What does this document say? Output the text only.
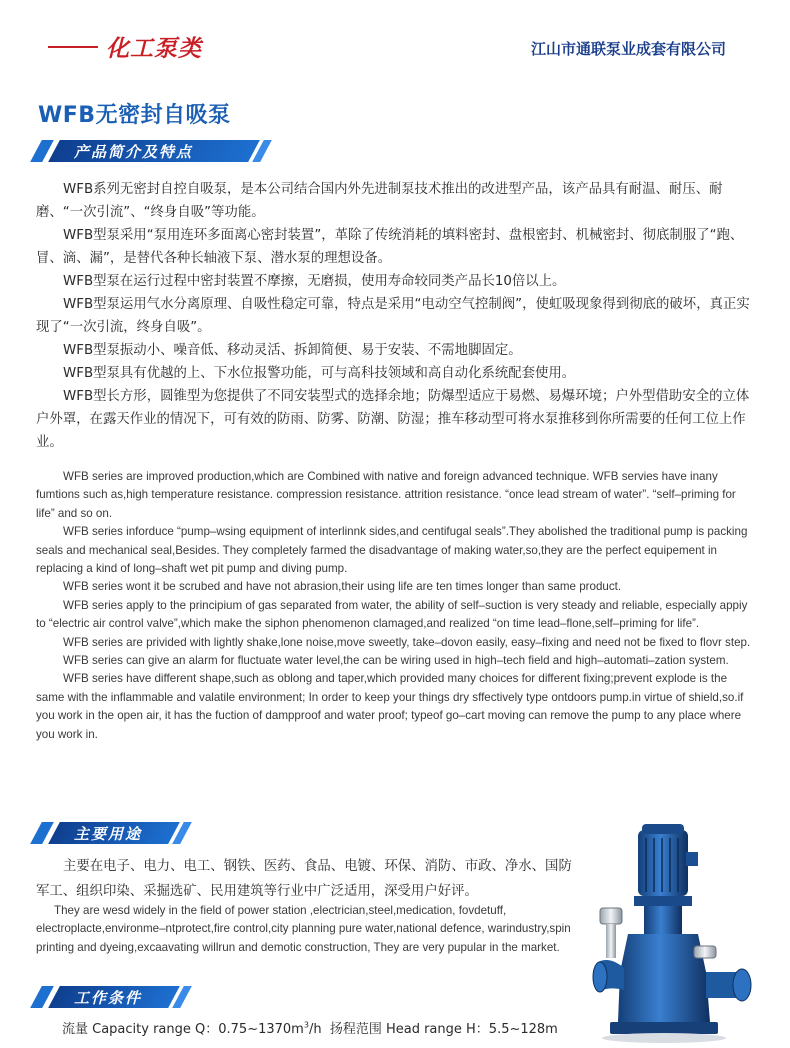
化工泵类	江山市通联泵业成套有限公司
WFB无密封自吸泵
产品简介及特点

WFB系列无密封自控自吸泵，是本公司结合国内外先进制泵技术推出的改进型产品，该产品具有耐温、耐压、耐磨、“一次引流”、“终身自吸”等功能。

WFB型泵采用“泵用连环多面离心密封装置”，革除了传统消耗的填料密封、盘根密封、机械密封、彻底制服了“跑、冒、滴、漏”，是替代各种长轴液下泵、潜水泵的理想设备。

WFB型泵在运行过程中密封装置不摩擦，无磨损，使用寿命较同类产品长10倍以上。

WFB型泵运用气水分离原理、自吸性稳定可靠，特点是采用“电动空气控制阀”，使虹吸现象得到彻底的破坏，真正实现了“一次引流，终身自吸”。

WFB型泵振动小、噪音低、移动灵活、拆卸简便、易于安装、不需地脚固定。

WFB型泵具有优越的上、下水位报警功能，可与高科技领域和高自动化系统配套使用。

WFB型长方形，圆锥型为您提供了不同安装型式的选择余地；防爆型适应于易燃、易爆环境；户外型借助安全的立体户外罩，在露天作业的情况下，可有效的防雨、防雾、防潮、防湿；推车移动型可将水泵推移到你所需要的任何工位上作业。

WFB series are improved production,which are Combined with native and foreign advanced technique. WFB servies have inany fumtions such as,high temperature resistance. compression resistance. attrition resistance. “once lead stream of water”. “self–priming for life” and so on.

WFB series inforduce “pump–wsing equipment of interlinnk sides,and centifugal seals”.They abolished the traditional pump is packing seals and mechanical seal,Besides. They completely farmed the disadvantage of making water,so,they are the perfect equipement in replacing a kind of long–shaft wet pit pump and diving pump.

WFB series wont it be scrubed and have not abrasion,their using life are ten times longer than same product.

WFB series apply to the principium of gas separated from water, the ability of self–suction is very steady and reliable, especially appiy to “electric air control valve”,which make the siphon phenomenon clamaged,and realized “on time lead–flone,self–priming for life”.

WFB series are privided with lightly shake,lone noise,move sweetly, take–dovon easily, easy–fixing and need not be fixed to flovr step.

WFB series can give an alarm for fluctuate water level,the can be wiring used in high–tech field and high–automati–zation system.

WFB series have different shape,such as oblong and taper,which provided many choices for different fixing;prevent explode is the same with the inflammable and valatile environment; In order to keep your things dry sffectively type ontdoors pump.in virtue of shield,so.if you work in the open air, it has the fuction of dampproof and water proof; typeof go–cart moving can remove the pump to any place where you work in.

主要用途

主要在电子、电力、电工、钢铁、医药、食品、电镀、环保、消防、市政、净水、国防军工、组织印染、采掘选矿、民用建筑等行业中广泛适用，深受用户好评。

They are wesd widely in the field of power station ,electrician,steel,medication, fovdetuff, electroplacte,environme–ntprotect,fire control,city planning pure water,national defence, warindustry,spin printing and dyeing,excaavating willrun and demotic construction, They are very pupular in the market.

工作条件
流量 Capacity range Q：$0.75\sim 1370m^3/h$ 扬程范围 Head range H：5.5~128m
